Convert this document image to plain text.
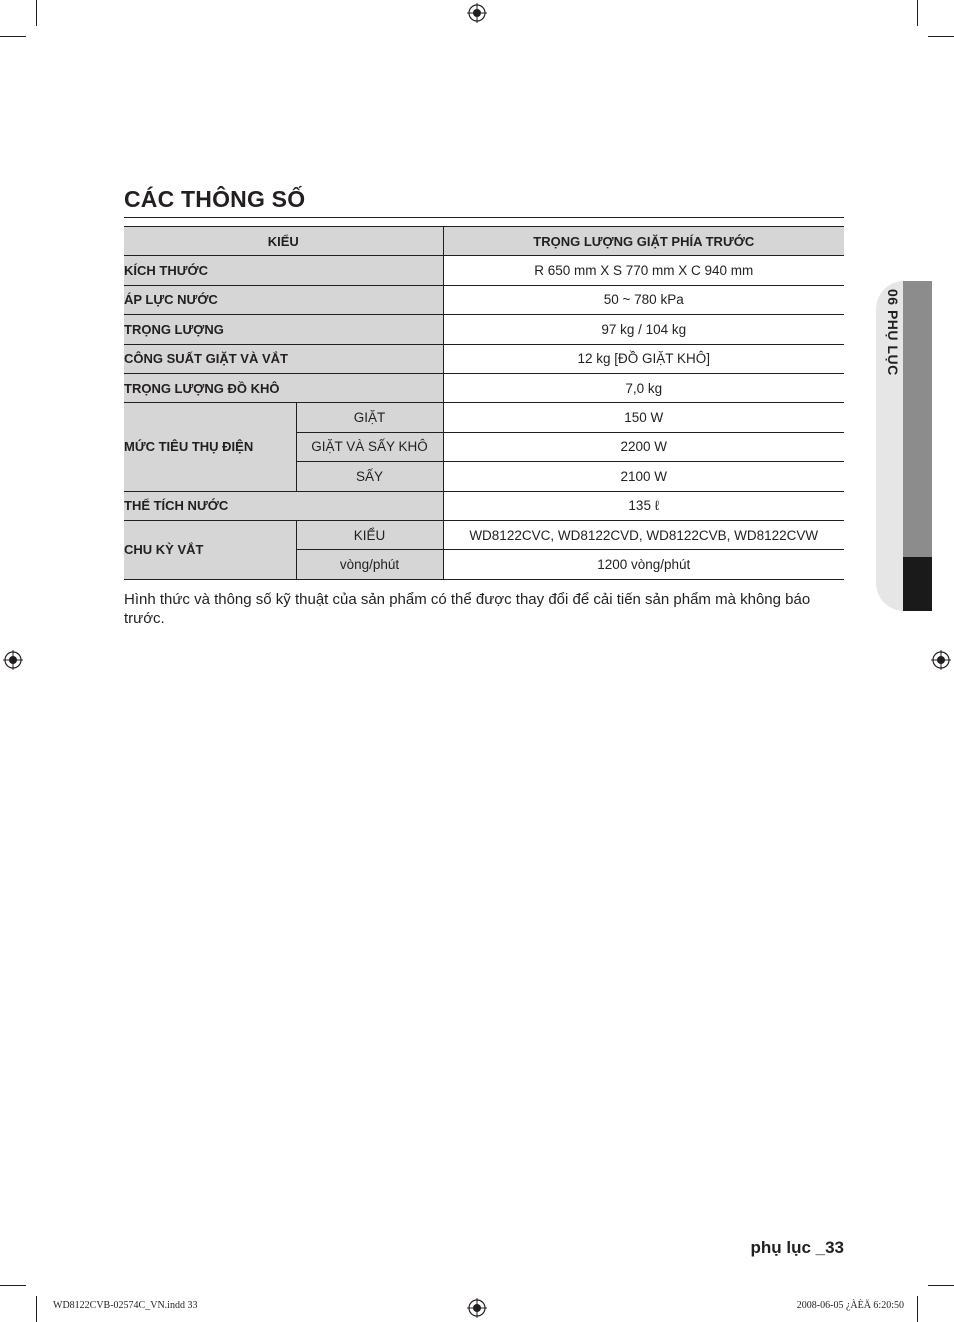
CÁC THÔNG SỐ
KIỂU		TRỌNG LƯỢNG GIẶT PHÍA TRƯỚC
KÍCH THƯỚC		R 650 mm X S 770 mm X C 940 mm
ÁP LỰC NƯỚC		50 ~ 780 kPa
TRỌNG LƯỢNG		97 kg / 104 kg
CÔNG SUẤT GIẶT VÀ VẮT		12 kg [ĐỒ GIẶT KHÔ]
TRỌNG LƯỢNG ĐỒ KHÔ		7,0 kg
MỨC TIÊU THỤ ĐIỆN	GIẶT	150 W
	GIẶT VÀ SẤY KHÔ	2200 W
	SẤY	2100 W
THỂ TÍCH NƯỚC		135 ℓ
CHU KỲ VẮT	KIỂU	WD8122CVC, WD8122CVD, WD8122CVB, WD8122CVW
	vòng/phút	1200 vòng/phút

Hình thức và thông số kỹ thuật của sản phẩm có thể được thay đổi để cải tiến sản phẩm mà không báo trước.

06 PHỤ LỤC

phụ lục _33

WD8122CVB-02574C_VN.indd 33	2008-06-05 ¿ÀÈÄ 6:20:50
